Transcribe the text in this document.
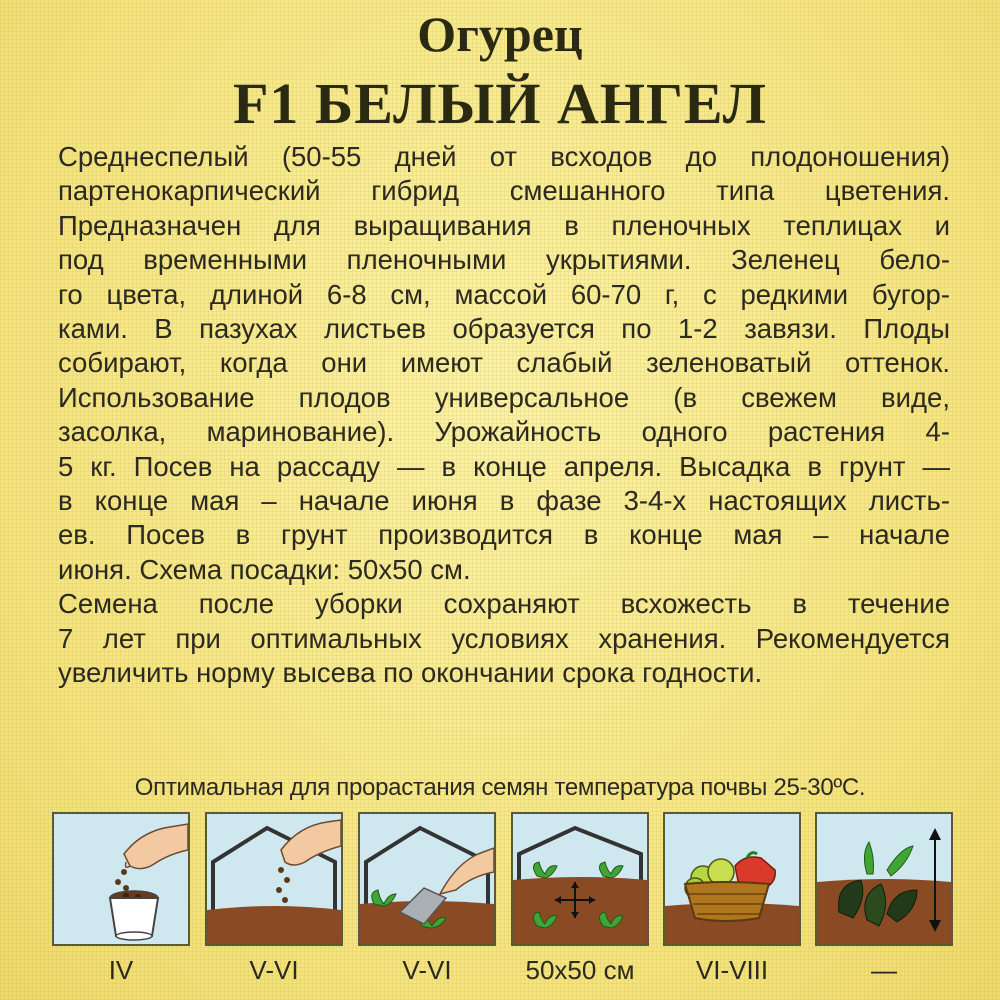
Огурец
F1 БЕЛЫЙ АНГЕЛ
Среднеспелый (50-55 дней от всходов до плодоношения)
партенокарпический гибрид смешанного типа цветения.
Предназначен для выращивания в пленочных теплицах и
под временными пленочными укрытиями. Зеленец бело-
го цвета, длиной 6-8 см, массой 60-70 г, с редкими бугор-
ками. В пазухах листьев образуется по 1-2 завязи. Плоды
собирают, когда они имеют слабый зеленоватый оттенок.
Использование плодов универсальное (в свежем виде,
засолка, маринование). Урожайность одного растения 4-
5 кг. Посев на рассаду — в конце апреля. Высадка в грунт —
в конце мая – начале июня в фазе 3-4-х настоящих листь-
ев. Посев в грунт производится в конце мая – начале
июня. Схема посадки: 50х50 см.
Семена после уборки сохраняют всхожесть в течение
7 лет при оптимальных условиях хранения. Рекомендуется
увеличить норму высева по окончании срока годности.
Оптимальная для прорастания семян температура почвы 25-30ºС.
IV	V-VI	V-VI	50х50 см	VI-VIII	—
